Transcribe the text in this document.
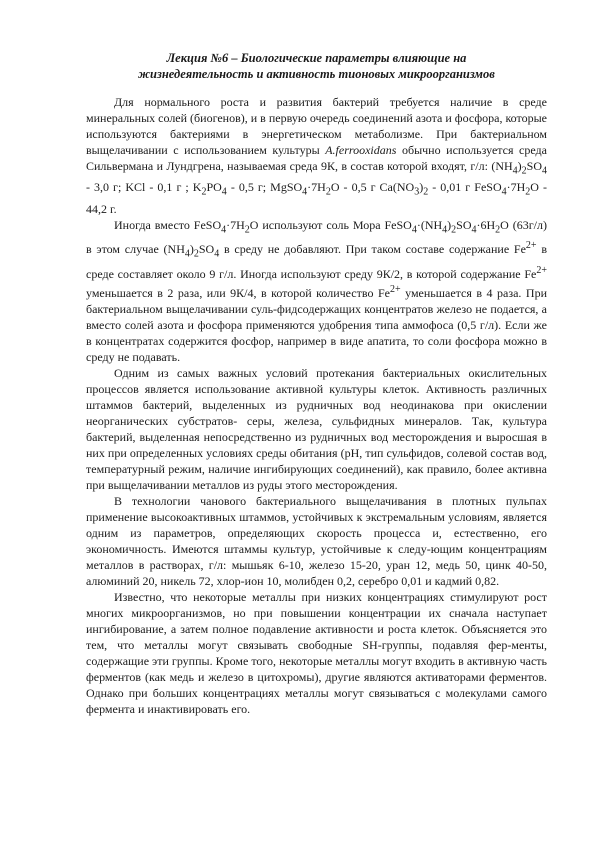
Лекция №6 – Биологические параметры влияющие на
жизнедеятельность и активность тионовых микроорганизмов

Для нормального роста и развития бактерий требуется наличие в среде минеральных солей (биогенов), и в первую очередь соединений азота и фосфора, которые используются бактериями в энергетическом метаболизме. При бактериальном выщелачивании с использованием культуры A.ferrooxidans обычно используется среда Сильвермана и Лундгрена, называемая среда 9К, в состав которой входят, г/л: $(NH_4)_2SO_4 - 3,0$ г; KCl - 0,1 г ; $K_2PO_4 - 0,5$ г; $MgSO_4\cdot 7H_2O - 0,5$ г $Ca(NO_3)_2 - 0,01$ г $FeSO_4\cdot 7H_2O - 44,2$ г.

Иногда вместо $FeSO_4\cdot 7H_2O$ используют соль Мора $FeSO_4\cdot(NH_4)_2SO_4\cdot 6H_2O$ (63г/л) в этом случае $(NH_4)_2SO_4$ в среду не добавляют. При таком составе содержание $Fe^{2+}$ в среде составляет около 9 г/л. Иногда используют среду 9К/2, в которой содержание $Fe^{2+}$ уменьшается в 2 раза, или 9К/4, в которой количество $Fe^{2+}$ уменьшается в 4 раза. При бактериальном выщелачивании суль-фидсодержащих концентратов железо не подается, а вместо солей азота и фосфора применяются удобрения типа аммофоса (0,5 г/л). Если же в концентратах содержится фосфор, например в виде апатита, то соли фосфора можно в среду не подавать.

Одним из самых важных условий протекания бактериальных окислительных процессов является использование активной культуры клеток. Активность различных штаммов бактерий, выделенных из рудничных вод неодинакова при окислении неорганических субстратов- серы, железа, сульфидных минералов. Так, культура бактерий, выделенная непосредственно из рудничных вод месторождения и выросшая в них при определенных условиях среды обитания (pH, тип сульфидов, солевой состав вод, температурный режим, наличие ингибирующих соединений), как правило, более активна при выщелачивании металлов из руды этого месторождения.

В технологии чанового бактериального выщелачивания в плотных пульпах применение высокоактивных штаммов, устойчивых к экстремальным условиям, является одним из параметров, определяющих скорость процесса и, естественно, его экономичность. Имеются штаммы культур, устойчивые к следу-ющим концентрациям металлов в растворах, г/л: мышьяк 6-10, железо 15-20, уран 12, медь 50, цинк 40-50, алюминий 20, никель 72, хлор-ион 10, молибден 0,2, серебро 0,01 и кадмий 0,82.

Известно, что некоторые металлы при низких концентрациях стимулируют рост многих микроорганизмов, но при повышении концентрации их сначала наступает ингибирование, а затем полное подавление активности и роста клеток. Объясняется это тем, что металлы могут связывать свободные SH-группы, подавляя фер-менты, содержащие эти группы. Кроме того, некоторые металлы могут входить в активную часть ферментов (как медь и железо в цитохромы), другие являются активаторами ферментов. Однако при больших концентрациях металлы могут связываться с молекулами самого фермента и инактивировать его.
